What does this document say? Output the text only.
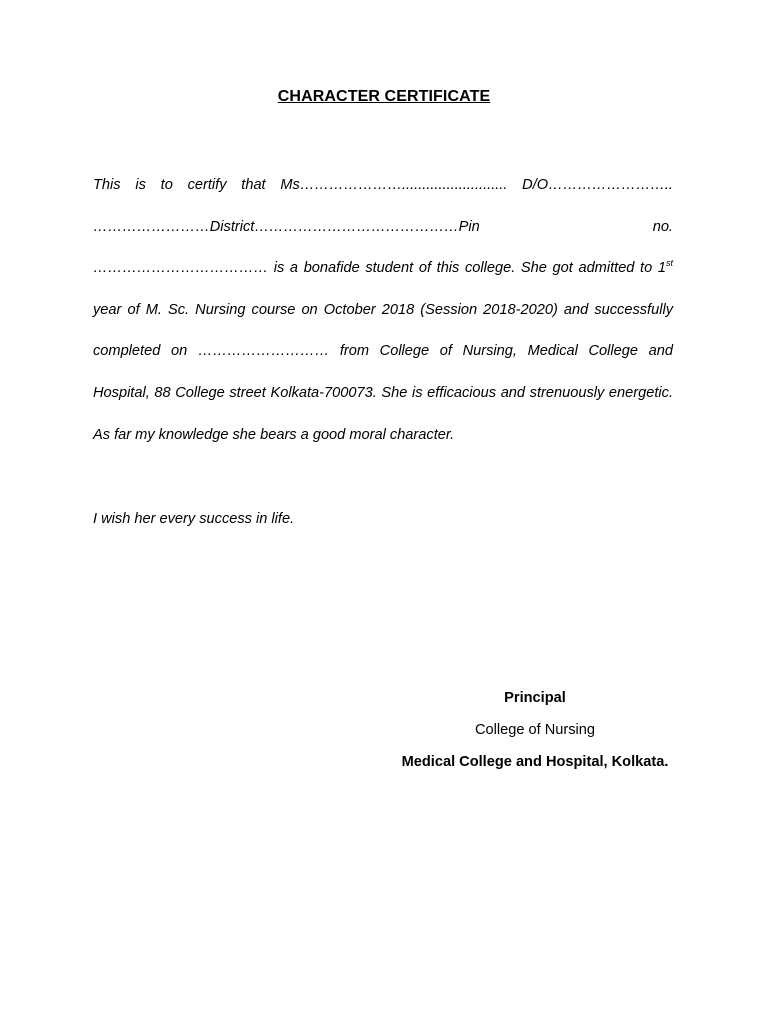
CHARACTER CERTIFICATE

This is to certify that Ms………………….......................... D/O…………………….. ……………………District……………………………………Pin no. ……………………………… is a bonafide student of this college. She got admitted to 1st year of M. Sc. Nursing course on October 2018 (Session 2018-2020) and successfully completed on ……………………… from College of Nursing, Medical College and Hospital, 88 College street Kolkata-700073. She is efficacious and strenuously energetic. As far my knowledge she bears a good moral character.

I wish her every success in life.

Principal
College of Nursing
Medical College and Hospital, Kolkata.
